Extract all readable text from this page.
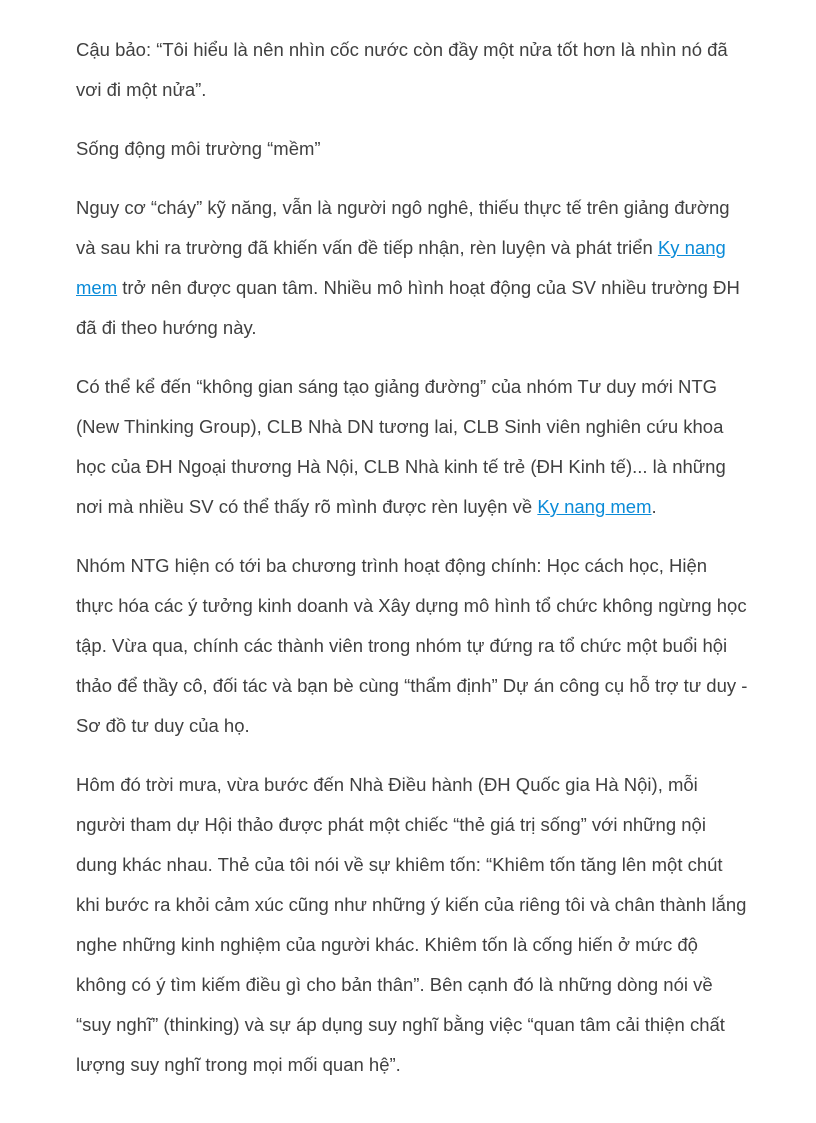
Cậu bảo: “Tôi hiểu là nên nhìn cốc nước còn đầy một nửa tốt hơn là nhìn nó đã vơi đi một nửa”.

Sống động môi trường “mềm”

Nguy cơ “cháy” kỹ năng, vẫn là người ngô nghê, thiếu thực tế trên giảng đường và sau khi ra trường đã khiến vấn đề tiếp nhận, rèn luyện và phát triển Ky nang mem trở nên được quan tâm. Nhiều mô hình hoạt động của SV nhiều trường ĐH đã đi theo hướng này.

Có thể kể đến “không gian sáng tạo giảng đường” của nhóm Tư duy mới NTG (New Thinking Group), CLB Nhà DN tương lai, CLB Sinh viên nghiên cứu khoa học của ĐH Ngoại thương Hà Nội, CLB Nhà kinh tế trẻ (ĐH Kinh tế)... là những nơi mà nhiều SV có thể thấy rõ mình được rèn luyện về Ky nang mem.

Nhóm NTG hiện có tới ba chương trình hoạt động chính: Học cách học, Hiện thực hóa các ý tưởng kinh doanh và Xây dựng mô hình tổ chức không ngừng học tập. Vừa qua, chính các thành viên trong nhóm tự đứng ra tổ chức một buổi hội thảo để thầy cô, đối tác và bạn bè cùng “thẩm định” Dự án công cụ hỗ trợ tư duy - Sơ đồ tư duy của họ.

Hôm đó trời mưa, vừa bước đến Nhà Điều hành (ĐH Quốc gia Hà Nội), mỗi người tham dự Hội thảo được phát một chiếc “thẻ giá trị sống” với những nội dung khác nhau. Thẻ của tôi nói về sự khiêm tốn: “Khiêm tốn tăng lên một chút khi bước ra khỏi cảm xúc cũng như những ý kiến của riêng tôi và chân thành lắng nghe những kinh nghiệm của người khác. Khiêm tốn là cống hiến ở mức độ không có ý tìm kiếm điều gì cho bản thân”. Bên cạnh đó là những dòng nói về “suy nghĩ” (thinking) và sự áp dụng suy nghĩ bằng việc “quan tâm cải thiện chất lượng suy nghĩ trong mọi mối quan hệ”.
